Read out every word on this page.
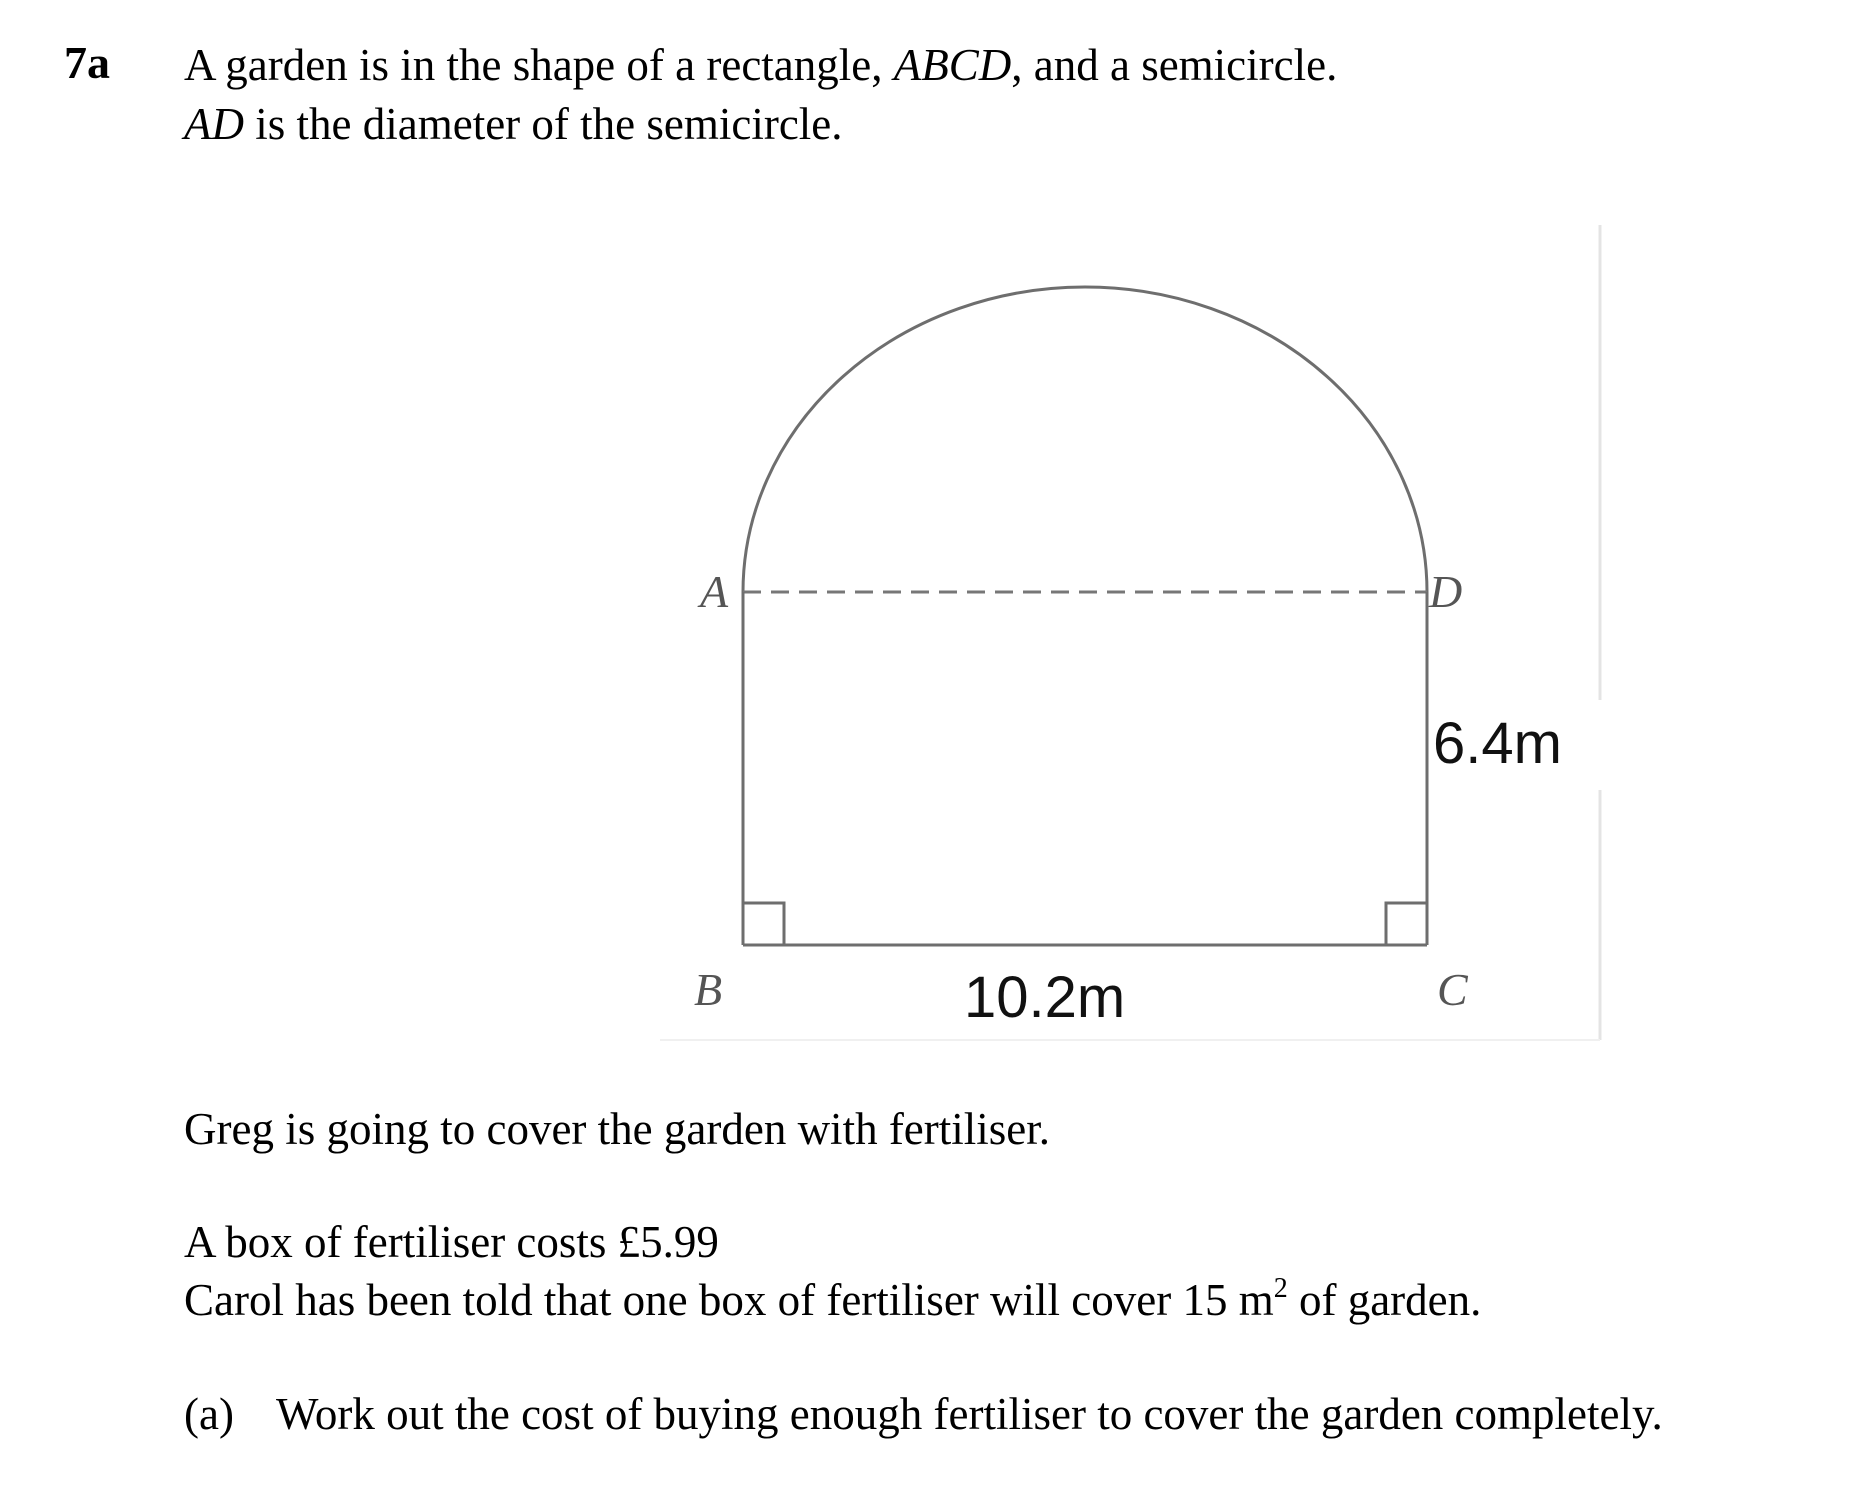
7a A garden is in the shape of a rectangle, ABCD, and a semicircle.
AD is the diameter of the semicircle.
A	D
B	C
10.2m
6.4m
Greg is going to cover the garden with fertiliser.
A box of fertiliser costs £5.99
Carol has been told that one box of fertiliser will cover 15 $m^2$ of garden.
(a) Work out the cost of buying enough fertiliser to cover the garden completely.
